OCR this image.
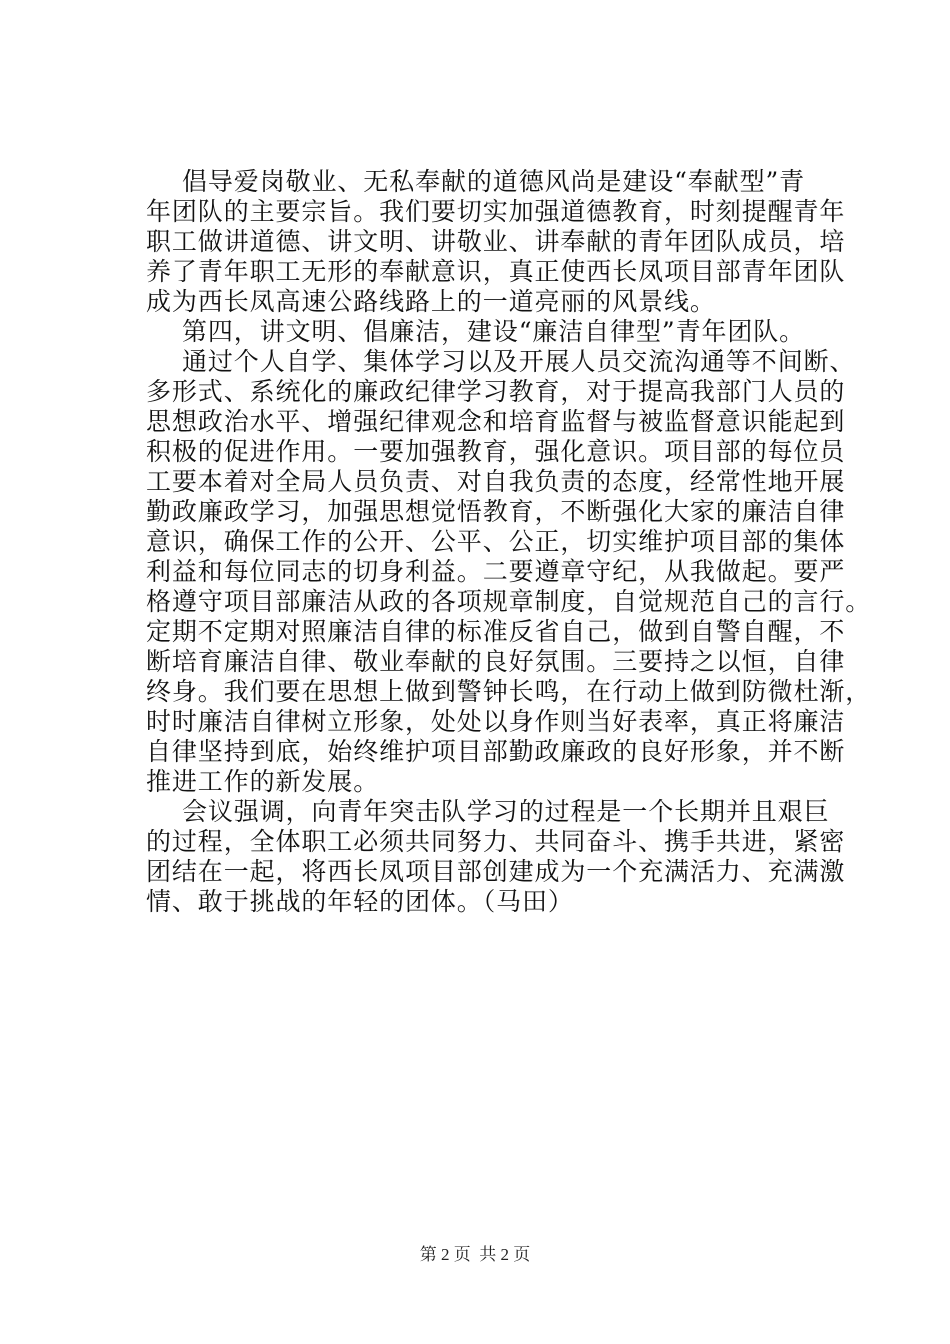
倡导爱岗敬业、无私奉献的道德风尚是建设“奉献型”青
年团队的主要宗旨。我们要切实加强道德教育，时刻提醒青年
职工做讲道德、讲文明、讲敬业、讲奉献的青年团队成员，培
养了青年职工无形的奉献意识，真正使西长凤项目部青年团队
成为西长凤高速公路线路上的一道亮丽的风景线。
第四，讲文明、倡廉洁，建设“廉洁自律型”青年团队。
通过个人自学、集体学习以及开展人员交流沟通等不间断、
多形式、系统化的廉政纪律学习教育，对于提高我部门人员的
思想政治水平、增强纪律观念和培育监督与被监督意识能起到
积极的促进作用。一要加强教育，强化意识。项目部的每位员
工要本着对全局人员负责、对自我负责的态度，经常性地开展
勤政廉政学习，加强思想觉悟教育，不断强化大家的廉洁自律
意识，确保工作的公开、公平、公正，切实维护项目部的集体
利益和每位同志的切身利益。二要遵章守纪，从我做起。要严
格遵守项目部廉洁从政的各项规章制度，自觉规范自己的言行。
定期不定期对照廉洁自律的标准反省自己，做到自警自醒，不
断培育廉洁自律、敬业奉献的良好氛围。三要持之以恒，自律
终身。我们要在思想上做到警钟长鸣，在行动上做到防微杜渐，
时时廉洁自律树立形象，处处以身作则当好表率，真正将廉洁
自律坚持到底，始终维护项目部勤政廉政的良好形象，并不断
推进工作的新发展。
会议强调，向青年突击队学习的过程是一个长期并且艰巨
的过程，全体职工必须共同努力、共同奋斗、携手共进，紧密
团结在一起，将西长凤项目部创建成为一个充满活力、充满激
情、敢于挑战的年轻的团体。（马田）
第 2 页  共 2 页
